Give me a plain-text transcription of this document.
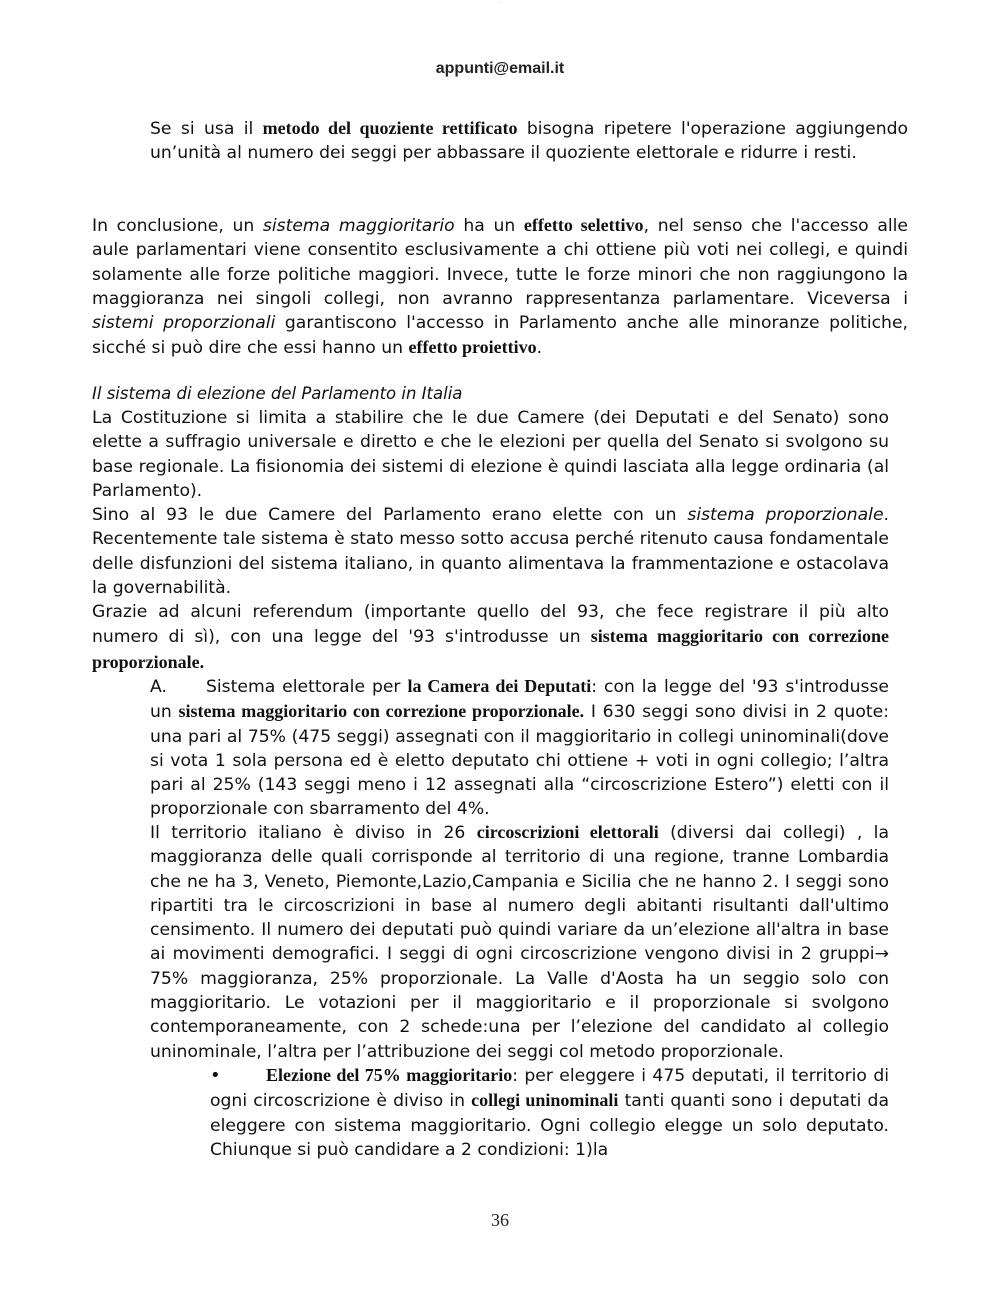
_ _
appunti@email.it

Se si usa il metodo del quoziente rettificato bisogna ripetere l'operazione aggiungendo un’unità al numero dei seggi per abbassare il quoziente elettorale e ridurre i resti.

In conclusione, un sistema maggioritario ha un effetto selettivo, nel senso che l'accesso alle aule parlamentari viene consentito esclusivamente a chi ottiene più voti nei collegi, e quindi solamente alle forze politiche maggiori. Invece, tutte le forze minori che non raggiungono la maggioranza nei singoli collegi, non avranno rappresentanza parlamentare. Viceversa i sistemi proporzionali garantiscono l'accesso in Parlamento anche alle minoranze politiche, sicché si può dire che essi hanno un effetto proiettivo.

Il sistema di elezione del Parlamento in Italia

La Costituzione si limita a stabilire che le due Camere (dei Deputati e del Senato) sono elette a suffragio universale e diretto e che le elezioni per quella del Senato si svolgono su base regionale. La fisionomia dei sistemi di elezione è quindi lasciata alla legge ordinaria (al Parlamento).

Sino al 93 le due Camere del Parlamento erano elette con un sistema proporzionale. Recentemente tale sistema è stato messo sotto accusa perché ritenuto causa fondamentale delle disfunzioni del sistema italiano, in quanto alimentava la frammentazione e ostacolava la governabilità.

Grazie ad alcuni referendum (importante quello del 93, che fece registrare il più alto numero di sì), con una legge del '93 s'introdusse un sistema maggioritario con correzione proporzionale.

A. Sistema elettorale per la Camera dei Deputati: con la legge del '93 s'introdusse un sistema maggioritario con correzione proporzionale. I 630 seggi sono divisi in 2 quote: una pari al 75% (475 seggi) assegnati con il maggioritario in collegi uninominali(dove si vota 1 sola persona ed è eletto deputato chi ottiene + voti in ogni collegio; l’altra pari al 25% (143 seggi meno i 12 assegnati alla “circoscrizione Estero”) eletti con il proporzionale con sbarramento del 4%.

Il territorio italiano è diviso in 26 circoscrizioni elettorali (diversi dai collegi) , la maggioranza delle quali corrisponde al territorio di una regione, tranne Lombardia che ne ha 3, Veneto, Piemonte,Lazio,Campania e Sicilia che ne hanno 2. I seggi sono ripartiti tra le circoscrizioni in base al numero degli abitanti risultanti dall'ultimo censimento. Il numero dei deputati può quindi variare da un’elezione all'altra in base ai movimenti demografici. I seggi di ogni circoscrizione vengono divisi in 2 gruppi→ 75% maggioranza, 25% proporzionale. La Valle d'Aosta ha un seggio solo con maggioritario. Le votazioni per il maggioritario e il proporzionale si svolgono contemporaneamente, con 2 schede:una per l’elezione del candidato al collegio uninominale, l’altra per l’attribuzione dei seggi col metodo proporzionale.

•	Elezione del 75% maggioritario: per eleggere i 475 deputati, il territorio di ogni circoscrizione è diviso in collegi uninominali tanti quanti sono i deputati da eleggere con sistema maggioritario. Ogni collegio elegge un solo deputato. Chiunque si può candidare a 2 condizioni: 1)la

36
